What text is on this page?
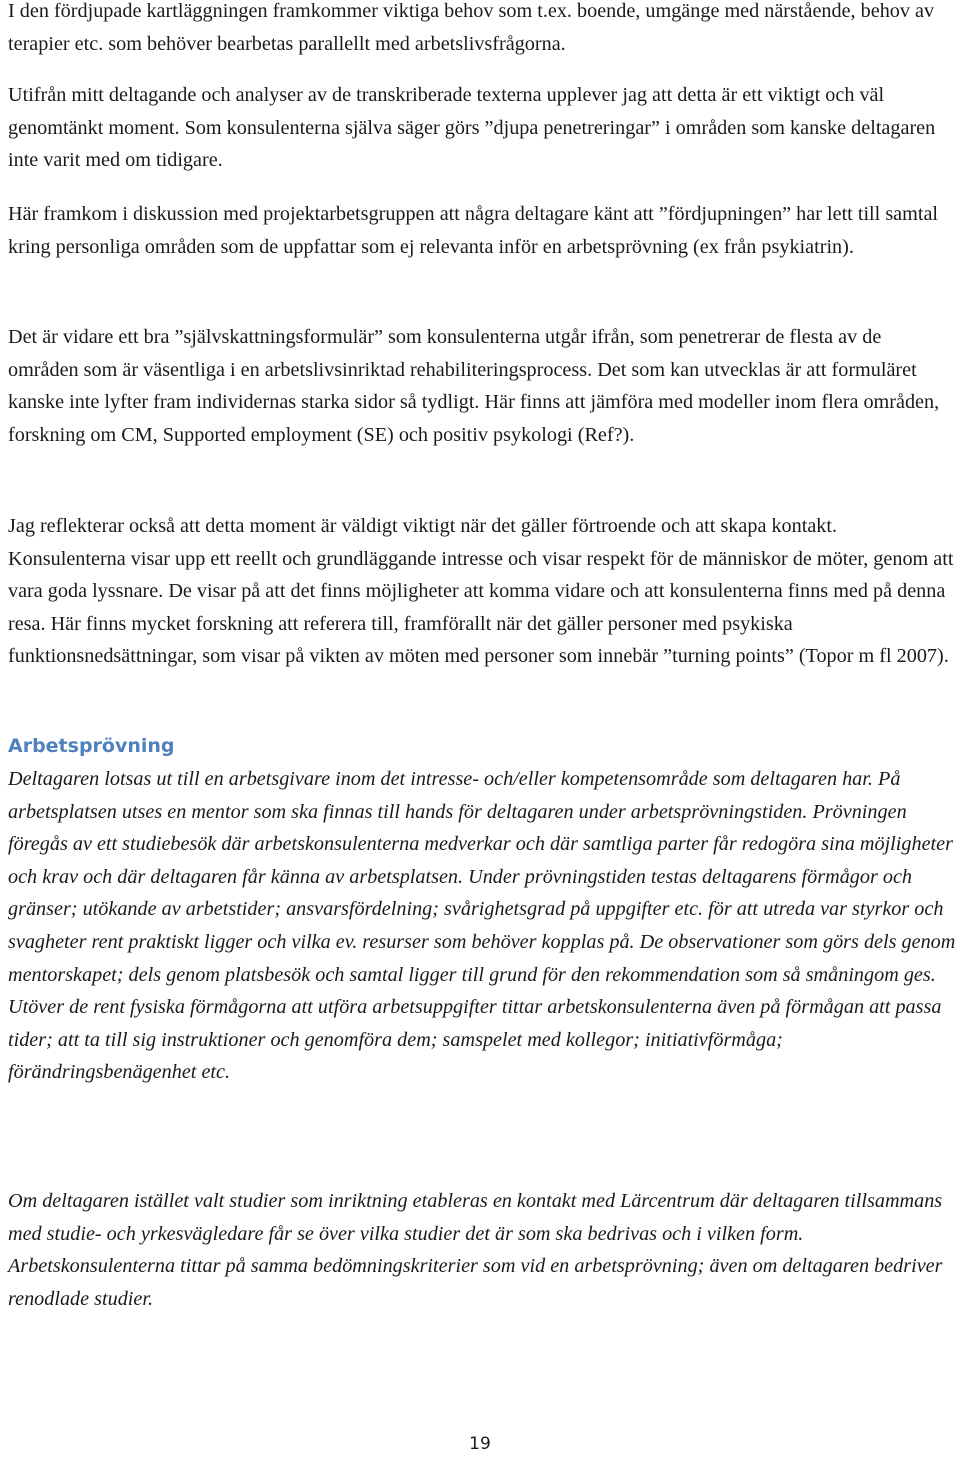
I den fördjupade kartläggningen framkommer viktiga behov som t.ex. boende, umgänge med närstående, behov av terapier etc. som behöver bearbetas parallellt med arbetslivsfrågorna.

Utifrån mitt deltagande och analyser av de transkriberade texterna upplever jag att detta är ett viktigt och väl genomtänkt moment. Som konsulenterna själva säger görs ”djupa penetreringar” i områden som kanske deltagaren inte varit med om tidigare.

Här framkom i diskussion med projektarbetsgruppen att några deltagare känt att ”fördjupningen” har lett till samtal kring personliga områden som de uppfattar som ej relevanta inför en arbetsprövning (ex från psykiatrin).

Det är vidare ett bra ”självskattningsformulär” som konsulenterna utgår ifrån, som penetrerar de flesta av de områden som är väsentliga i en arbetslivsinriktad rehabiliteringsprocess. Det som kan utvecklas är att formuläret kanske inte lyfter fram individernas starka sidor så tydligt. Här finns att jämföra med modeller inom flera områden, forskning om CM, Supported employment (SE) och positiv psykologi (Ref?).

Jag reflekterar också att detta moment är väldigt viktigt när det gäller förtroende och att skapa kontakt. Konsulenterna visar upp ett reellt och grundläggande intresse och visar respekt för de människor de möter, genom att vara goda lyssnare. De visar på att det finns möjligheter att komma vidare och att konsulenterna finns med på denna resa. Här finns mycket forskning att referera till, framförallt när det gäller personer med psykiska funktionsnedsättningar, som visar på vikten av möten med personer som innebär ”turning points” (Topor m fl 2007).

Arbetsprövning

Deltagaren lotsas ut till en arbetsgivare inom det intresse- och/eller kompetensområde som deltagaren har. På arbetsplatsen utses en mentor som ska finnas till hands för deltagaren under arbetsprövningstiden. Prövningen föregås av ett studiebesök där arbetskonsulenterna medverkar och där samtliga parter får redogöra sina möjligheter och krav och där deltagaren får känna av arbetsplatsen. Under prövningstiden testas deltagarens förmågor och gränser; utökande av arbetstider; ansvarsfördelning; svårighetsgrad på uppgifter etc. för att utreda var styrkor och svagheter rent praktiskt ligger och vilka ev. resurser som behöver kopplas på. De observationer som görs dels genom mentorskapet; dels genom platsbesök och samtal ligger till grund för den rekommendation som så småningom ges. Utöver de rent fysiska förmågorna att utföra arbetsuppgifter tittar arbetskonsulenterna även på förmågan att passa tider; att ta till sig instruktioner och genomföra dem; samspelet med kollegor; initiativförmåga; förändringsbenägenhet etc.

Om deltagaren istället valt studier som inriktning etableras en kontakt med Lärcentrum där deltagaren tillsammans med studie- och yrkesvägledare får se över vilka studier det är som ska bedrivas och i vilken form. Arbetskonsulenterna tittar på samma bedömningskriterier som vid en arbetsprövning; även om deltagaren bedriver renodlade studier.

19
